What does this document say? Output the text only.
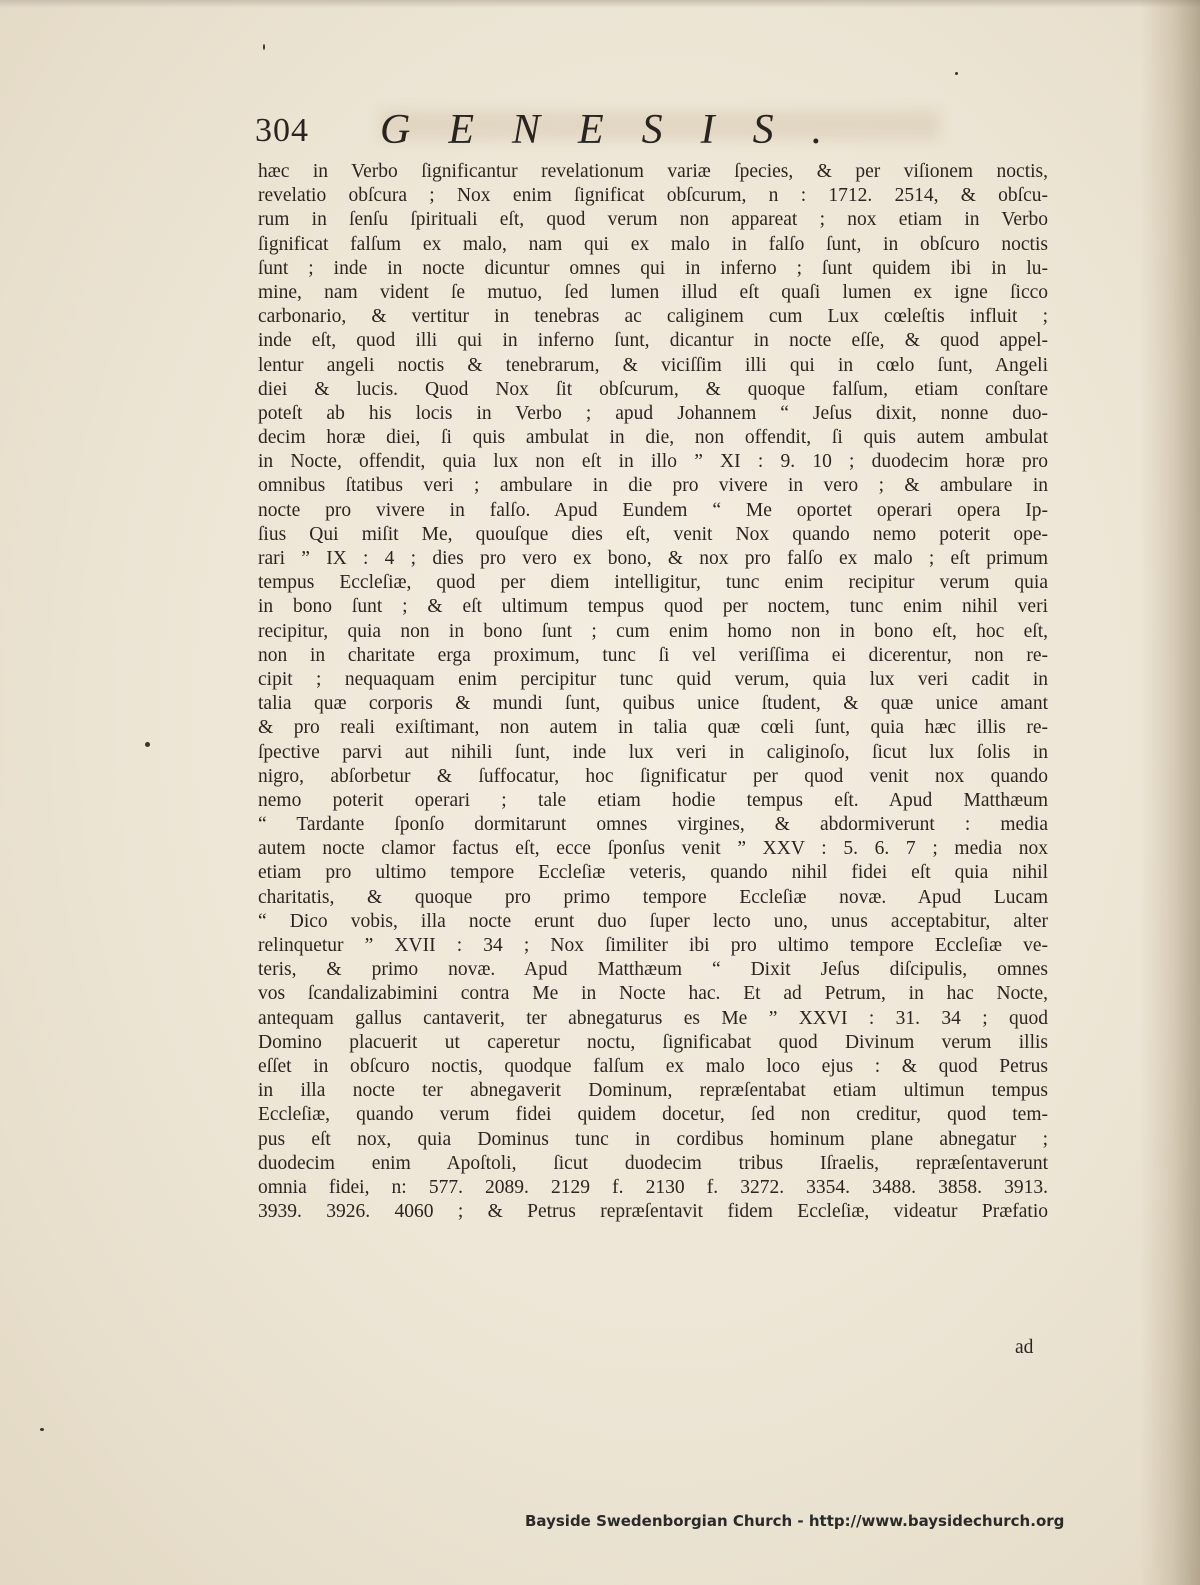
304 GENESIS.
hæc in Verbo ſignificantur revelationum variæ ſpecies, & per viſionem noctis,
revelatio obſcura ; Nox enim ſignificat obſcurum, n : 1712. 2514, & obſcu-
rum in ſenſu ſpirituali eſt, quod verum non appareat ; nox etiam in Verbo
ſignificat falſum ex malo, nam qui ex malo in falſo ſunt, in obſcuro noctis
ſunt ; inde in nocte dicuntur omnes qui in inferno ; ſunt quidem ibi in lu-
mine, nam vident ſe mutuo, ſed lumen illud eſt quaſi lumen ex igne ſicco
carbonario, & vertitur in tenebras ac caliginem cum Lux cœleſtis influit ;
inde eſt, quod illi qui in inferno ſunt, dicantur in nocte eſſe, & quod appel-
lentur angeli noctis & tenebrarum, & viciſſim illi qui in cœlo ſunt, Angeli
diei & lucis. Quod Nox ſit obſcurum, & quoque falſum, etiam conſtare
poteſt ab his locis in Verbo ; apud Johannem “ Jeſus dixit, nonne duo-
decim horæ diei, ſi quis ambulat in die, non offendit, ſi quis autem ambulat
in Nocte, offendit, quia lux non eſt in illo ” XI : 9. 10 ; duodecim horæ pro
omnibus ſtatibus veri ; ambulare in die pro vivere in vero ; & ambulare in
nocte pro vivere in falſo. Apud Eundem “ Me oportet operari opera Ip-
ſius Qui miſit Me, quouſque dies eſt, venit Nox quando nemo poterit ope-
rari ” IX : 4 ; dies pro vero ex bono, & nox pro falſo ex malo ; eſt primum
tempus Eccleſiæ, quod per diem intelligitur, tunc enim recipitur verum quia
in bono ſunt ; & eſt ultimum tempus quod per noctem, tunc enim nihil veri
recipitur, quia non in bono ſunt ; cum enim homo non in bono eſt, hoc eſt,
non in charitate erga proximum, tunc ſi vel veriſſima ei dicerentur, non re-
cipit ; nequaquam enim percipitur tunc quid verum, quia lux veri cadit in
talia quæ corporis & mundi ſunt, quibus unice ſtudent, & quæ unice amant
& pro reali exiſtimant, non autem in talia quæ cœli ſunt, quia hæc illis re-
ſpective parvi aut nihili ſunt, inde lux veri in caliginoſo, ſicut lux ſolis in
nigro, abſorbetur & ſuffocatur, hoc ſignificatur per quod venit nox quando
nemo poterit operari ; tale etiam hodie tempus eſt. Apud Matthæum
“ Tardante ſponſo dormitarunt omnes virgines, & abdormiverunt : media
autem nocte clamor factus eſt, ecce ſponſus venit ” XXV : 5. 6. 7 ; media nox
etiam pro ultimo tempore Eccleſiæ veteris, quando nihil fidei eſt quia nihil
charitatis, & quoque pro primo tempore Eccleſiæ novæ. Apud Lucam
“ Dico vobis, illa nocte erunt duo ſuper lecto uno, unus acceptabitur, alter
relinquetur ” XVII : 34 ; Nox ſimiliter ibi pro ultimo tempore Eccleſiæ ve-
teris, & primo novæ. Apud Matthæum “ Dixit Jeſus diſcipulis, omnes
vos ſcandalizabimini contra Me in Nocte hac. Et ad Petrum, in hac Nocte,
antequam gallus cantaverit, ter abnegaturus es Me ” XXVI : 31. 34 ; quod
Domino placuerit ut caperetur noctu, ſignificabat quod Divinum verum illis
eſſet in obſcuro noctis, quodque falſum ex malo loco ejus : & quod Petrus
in illa nocte ter abnegaverit Dominum, repræſentabat etiam ultimun tempus
Eccleſiæ, quando verum fidei quidem docetur, ſed non creditur, quod tem-
pus eſt nox, quia Dominus tunc in cordibus hominum plane abnegatur ;
duodecim enim Apoſtoli, ſicut duodecim tribus Iſraelis, repræſentaverunt
omnia fidei, n: 577. 2089. 2129 f. 2130 f. 3272. 3354. 3488. 3858. 3913.
3939. 3926. 4060 ; & Petrus repræſentavit fidem Eccleſiæ, videatur Præfatio
ad
Bayside Swedenborgian Church - http://www.baysidechurch.org
